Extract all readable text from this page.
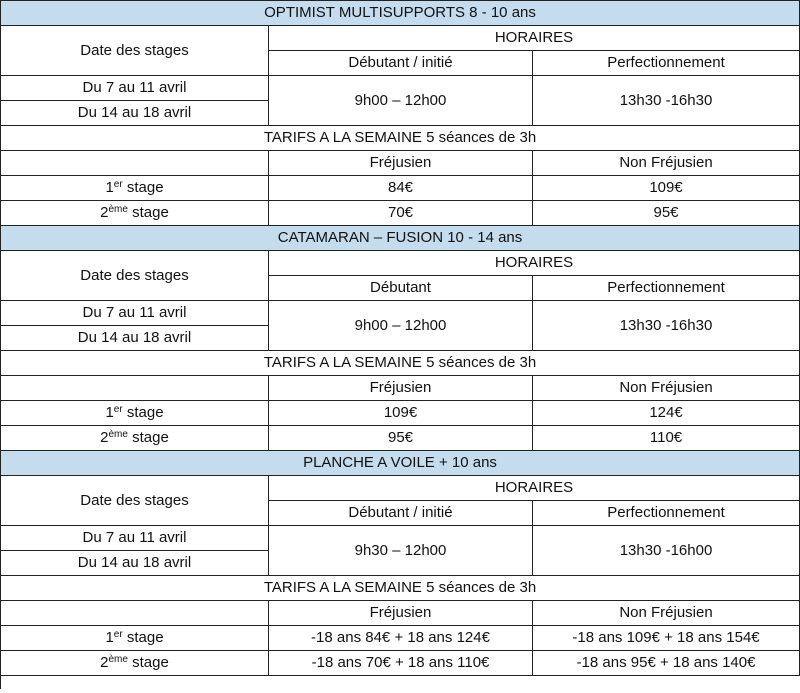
OPTIMIST MULTISUPPORTS 8 - 10 ans		
Date des stages	HORAIRES	
	Débutant / initié	Perfectionnement
Du 7 au 11 avril	9h00 – 12h00	13h30 -16h30
Du 14 au 18 avril		
TARIFS A LA SEMAINE 5 séances de 3h		
	Fréjusien	Non Fréjusien
1er stage	84€	109€
2ème stage	70€	95€
CATAMARAN – FUSION 10 - 14 ans		
Date des stages	HORAIRES	
	Débutant	Perfectionnement
Du 7 au 11 avril	9h00 – 12h00	13h30 -16h30
Du 14 au 18 avril		
TARIFS A LA SEMAINE 5 séances de 3h		
	Fréjusien	Non Fréjusien
1er stage	109€	124€
2ème stage	95€	110€
PLANCHE A VOILE + 10 ans		
Date des stages	HORAIRES	
	Débutant / initié	Perfectionnement
Du 7 au 11 avril	9h30 – 12h00	13h30 -16h00
Du 14 au 18 avril		
TARIFS A LA SEMAINE 5 séances de 3h		
	Fréjusien	Non Fréjusien
1er stage	-18 ans 84€ + 18 ans 124€	-18 ans 109€ + 18 ans 154€
2ème stage	-18 ans 70€ + 18 ans 110€	-18 ans 95€ + 18 ans 140€
